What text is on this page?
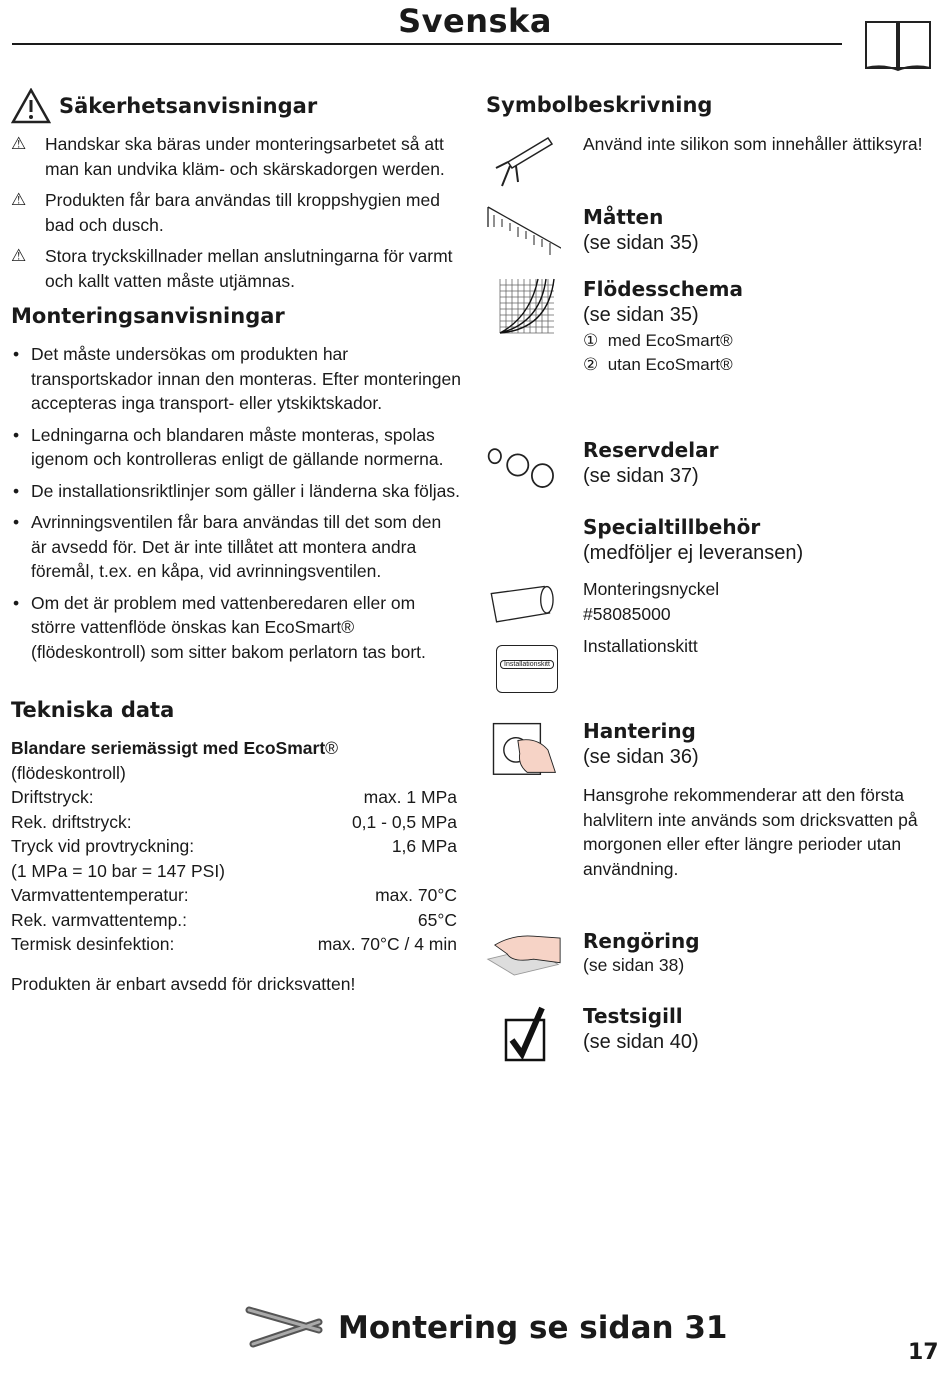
Svenska
Säkerhetsanvisningar
⚠	Handskar ska bäras under monteringsarbetet så att man kan undvika kläm- och skärskadorgen werden.
⚠	Produkten får bara användas till kroppshygien med bad och dusch.
⚠	Stora tryckskillnader mellan anslutningarna för varmt och kallt vatten måste utjämnas.
Monteringsanvisningar
• Det måste undersökas om produkten har transportskador innan den monteras. Efter monteringen accepteras inga transport- eller ytskiktskador.
• Ledningarna och blandaren måste monteras, spolas igenom och kontrolleras enligt de gällande normerna.
• De installationsriktlinjer som gäller i länderna ska följas.
• Avrinningsventilen får bara användas till det som den är avsedd för. Det är inte tillåtet att montera andra föremål, t.ex. en kåpa, vid avrinningsventilen.
• Om det är problem med vattenberedaren eller om större vattenflöde önskas kan EcoSmart® (flödeskontroll) som sitter bakom perlatorn tas bort.
Tekniska data
Blandare seriemässigt med EcoSmart® (flödeskontroll)
Driftstryck:	max. 1 MPa
Rek. driftstryck:	0,1 - 0,5 MPa
Tryck vid provtryckning:	1,6 MPa
(1 MPa = 10 bar = 147 PSI)
Varmvattentemperatur:	max. 70°C
Rek. varmvattentemp.:	65°C
Termisk desinfektion:	max. 70°C / 4 min
Produkten är enbart avsedd för dricksvatten!
Symbolbeskrivning
Använd inte silikon som innehåller ättiksyra!
Måtten
(se sidan 35)
Flödesschema
(se sidan 35)
① med EcoSmart®
② utan EcoSmart®
Reservdelar
(se sidan 37)
Specialtillbehör
(medföljer ej leveransen)
Monteringsnyckel
#58085000
Installationskitt
Installationskitt
Hantering
(se sidan 36)
Hansgrohe rekommenderar att den första halvlitern inte används som dricksvatten på morgonen eller efter längre perioder utan användning.
Rengöring
(se sidan 38)
Testsigill
(se sidan 40)
Montering se sidan 31
17
